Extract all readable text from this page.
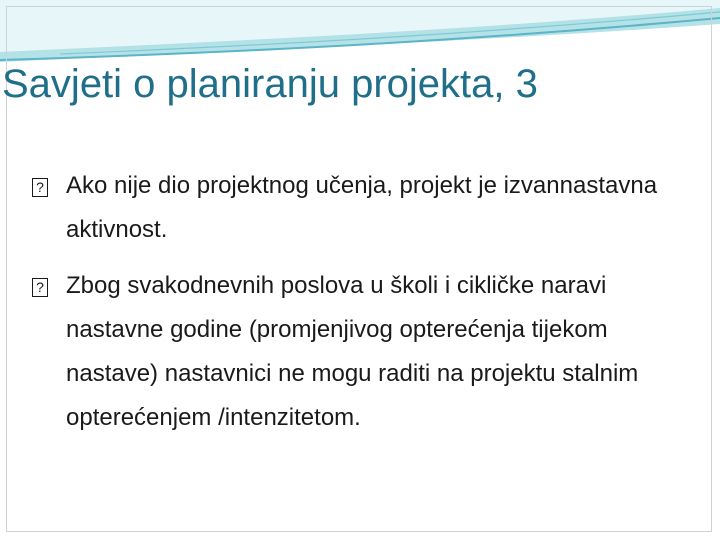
Savjeti o planiranju projekta, 3

?
Ako nije dio projektnog učenja, projekt je izvannastavna aktivnost.

?
Zbog svakodnevnih poslova u školi i cikličke naravi nastavne godine (promjenjivog opterećenja tijekom nastave) nastavnici ne mogu raditi na projektu stalnim opterećenjem /intenzitetom.
